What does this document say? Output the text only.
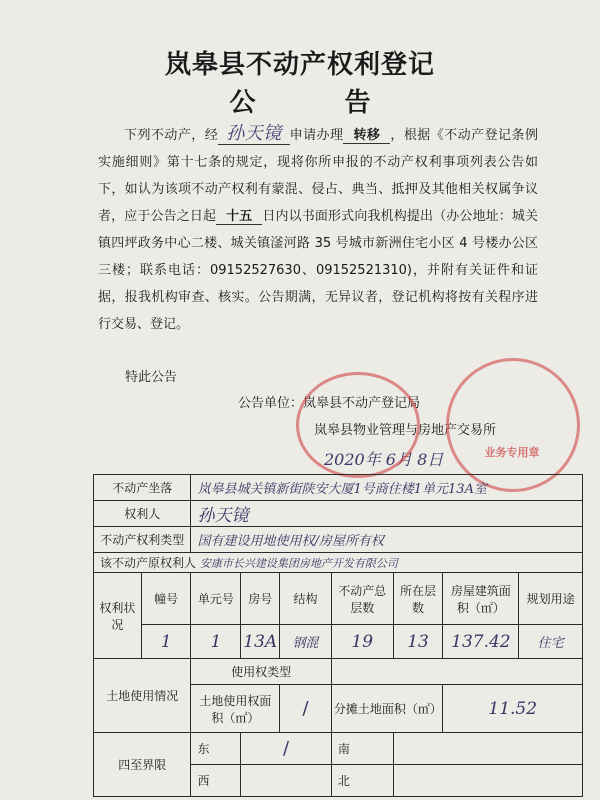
岚皋县不动产权利登记
公 告
下列不动产，经 孙天镜 申请办理 转移 ，根据《不动产登记条例实施细则》第十七条的规定，现将你所申报的不动产权利事项列表公告如下，如认为该项不动产权利有蒙混、侵占、典当、抵押及其他相关权属争议者，应于公告之日起 十五 日内以书面形式向我机构提出（办公地址：城关镇四坪政务中心二楼、城关镇滏河路 35 号城市新洲住宅小区 4 号楼办公区三楼；联系电话：09152527630、09152521310)，并附有关证件和证据，报我机构审查、核实。公告期满，无异议者，登记机构将按有关程序进行交易、登记。
特此公告
公告单位：岚皋县不动产登记局
岚皋县物业管理与房地产交易所
2020年 6月 8日	业务专用章
不动产坐落		岚皋县城关镇新街陕安大厦1号商住楼1单元13A室						
权利人		孙天镜						
不动产权利类型		国有建设用地使用权/房屋所有权						
该不动产原权利人 安康市长兴建设集团房地产开发有限公司								
权利状况	幢号	单元号	房号	结构	不动产总层数	所在层数	房屋建筑面积（㎡）	规划用途
	1	1	13A	钢混	19	13	137.42	住宅
土地使用情况		使用权类型						
		土地使用权面积（㎡）		/	分摊土地面积（㎡）		11.52	
四至界限		东	/		南			
		西			北			
